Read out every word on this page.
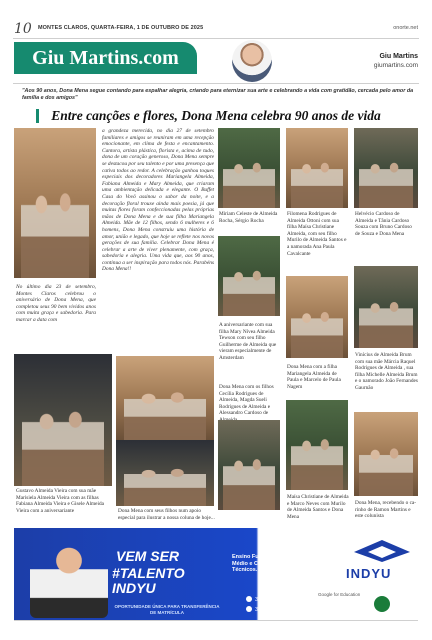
10 MONTES CLAROS, QUARTA-FEIRA, 1 DE OUTUBRO DE 2025	onorte.net
Giu Martins.com	Giu Martins
giumartins.com
"Aos 90 anos, Dona Mena segue contando para espalhar alegria, criando para eternizar sua arte e celebrando a vida com gratidão, cercada pelo amor da família e dos amigos"
Entre canções e flores, Dona Mena celebra 90 anos de vida
No último dia 23 de setembro, Montes Claros celebrou o aniversário de Dona Mena, que completou seus 90 bem vividos anos com muita graça e sabedoria. Para marcar a data com
a grandeza merecida, no dia 27 de setembro familiares e amigos se reuniram em uma recepção emocionante, em clima de festa e encantamento. Cantora, artista plástica, florista e, acima de tudo, dona de um coração generoso, Dona Mena sempre se destacou por seu talento e por uma presença que cativa todos ao redor. A celebração ganhou toques especiais dos decoradores Mariangela Almeida, Fabiana Almeida e Mary Almeida, que criaram uma ambientação delicada e elegante. O Buffet Casa do Vovô assinou o sabor da noite, e a decoração floral trouxe ainda mais poesia, já que muitas flores foram confeccionadas pelas próprias mãos de Dona Mena e de sua filha Mariangela Almeida. Mãe de 12 filhos, sendo 6 mulheres e 6 homens, Dona Mena construiu uma história de amor, união e legado, que hoje se reflete nos novos gerações de sua família. Celebrar Dona Mena é celebrar a arte de viver plenamente, com graça, sabedoria e alegria. Uma vida que, aos 90 anos, continua a ser inspiração para todos nós. Parabéns Dona Mena!!
Miriam Celeste de Almeida Rocha, Sérgio Rocha
Filomena Rodrigues de Almeida Ottoni com sua filha Maísa Christiane Almeida, com seu filho Murilo de Almeida Santos e a namorada Ana Paula Cavalcante
Helvécio Cardoso de Almeida e Tânia Cardoso Souza com Bruno Cardoso de Souza e Dona Mena
A aniversariante com sua filha Mary Nívea Almeida Tewson com seu filho Guilherme de Almeida que vieram especialmente de Amsterdam
Dona Mena com a filha Mariangela Almeida de Paula e Marcelo de Paula Nagem
Vinícius de Almeida Brum com sua mãe Márcia Raquel Rodrigues de Almeida , sua filha Michelle Almeida Brum e o namorado João Fernandes Gaurnão
Dona Mena com os filhos Cecília Rodrigues de Almeida, Magda Sueli Rodrigues de Almeida e Alessandro Cardoso de
Gustavo Almeida Vieira com sua mãe Marisiela Almeida Vieira com as filhas Fabiana Almeida Vieira e Gisele Almeida Vieira com a aniversariante	Dona Mena com seus filhos num apoio especial para ilustrar a nossa coluna de hoje...
Maísa Christiane de Almeida e Marco Neves com Murilo de Almeida Santos e Dona Mena
Dona Mena, recebendo o ca- rinho de Ramon Martins e este colunista
VEM SER
#TALENTO INDYU
OPORTUNIDADE ÚNICA PARA TRANSFERÊNCIA DE MATRÍCULA
Ensino Fundamental Médio e Cursos Técnicos.
38 21019295
38 98428 9111
INDYU
Google for Education
